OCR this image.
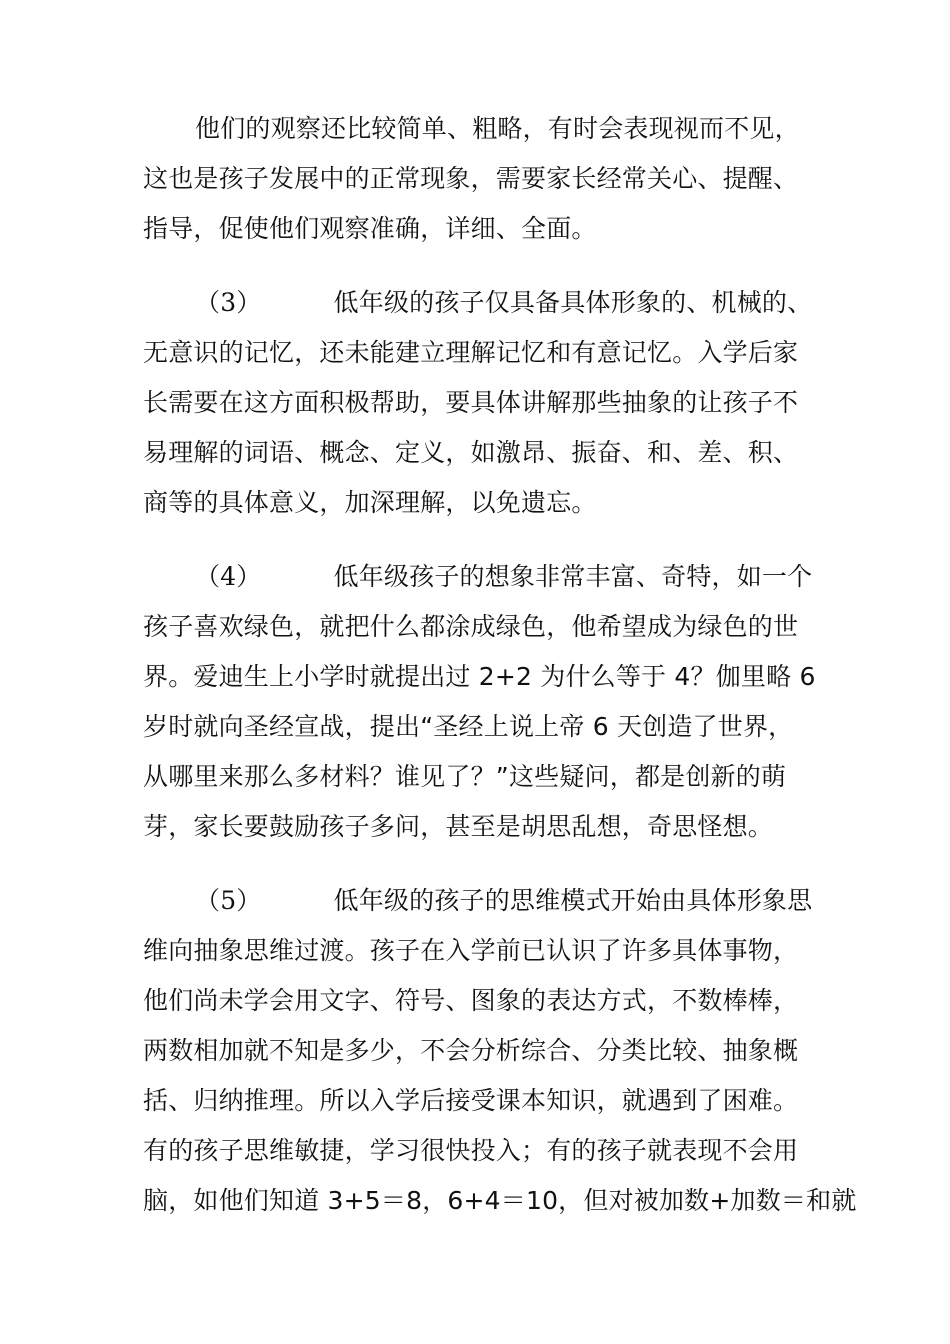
他们的观察还比较简单、粗略，有时会表现视而不见，
这也是孩子发展中的正常现象，需要家长经常关心、提醒、
指导，促使他们观察准确，详细、全面。
（3）	低年级的孩子仅具备具体形象的、机械的、
无意识的记忆，还未能建立理解记忆和有意记忆。入学后家
长需要在这方面积极帮助，要具体讲解那些抽象的让孩子不
易理解的词语、概念、定义，如激昂、振奋、和、差、积、
商等的具体意义，加深理解，以免遗忘。
（4）	低年级孩子的想象非常丰富、奇特，如一个
孩子喜欢绿色，就把什么都涂成绿色，他希望成为绿色的世
界。爱迪生上小学时就提出过 2+2 为什么等于 4？伽里略 6
岁时就向圣经宣战，提出“圣经上说上帝 6 天创造了世界，
从哪里来那么多材料？谁见了？”这些疑问，都是创新的萌
芽，家长要鼓励孩子多问，甚至是胡思乱想，奇思怪想。
（5）	低年级的孩子的思维模式开始由具体形象思
维向抽象思维过渡。孩子在入学前已认识了许多具体事物，
他们尚未学会用文字、符号、图象的表达方式，不数棒棒，
两数相加就不知是多少，不会分析综合、分类比较、抽象概
括、归纳推理。所以入学后接受课本知识，就遇到了困难。
有的孩子思维敏捷，学习很快投入；有的孩子就表现不会用
脑，如他们知道 3+5＝8，6+4＝10，但对被加数+加数＝和就
